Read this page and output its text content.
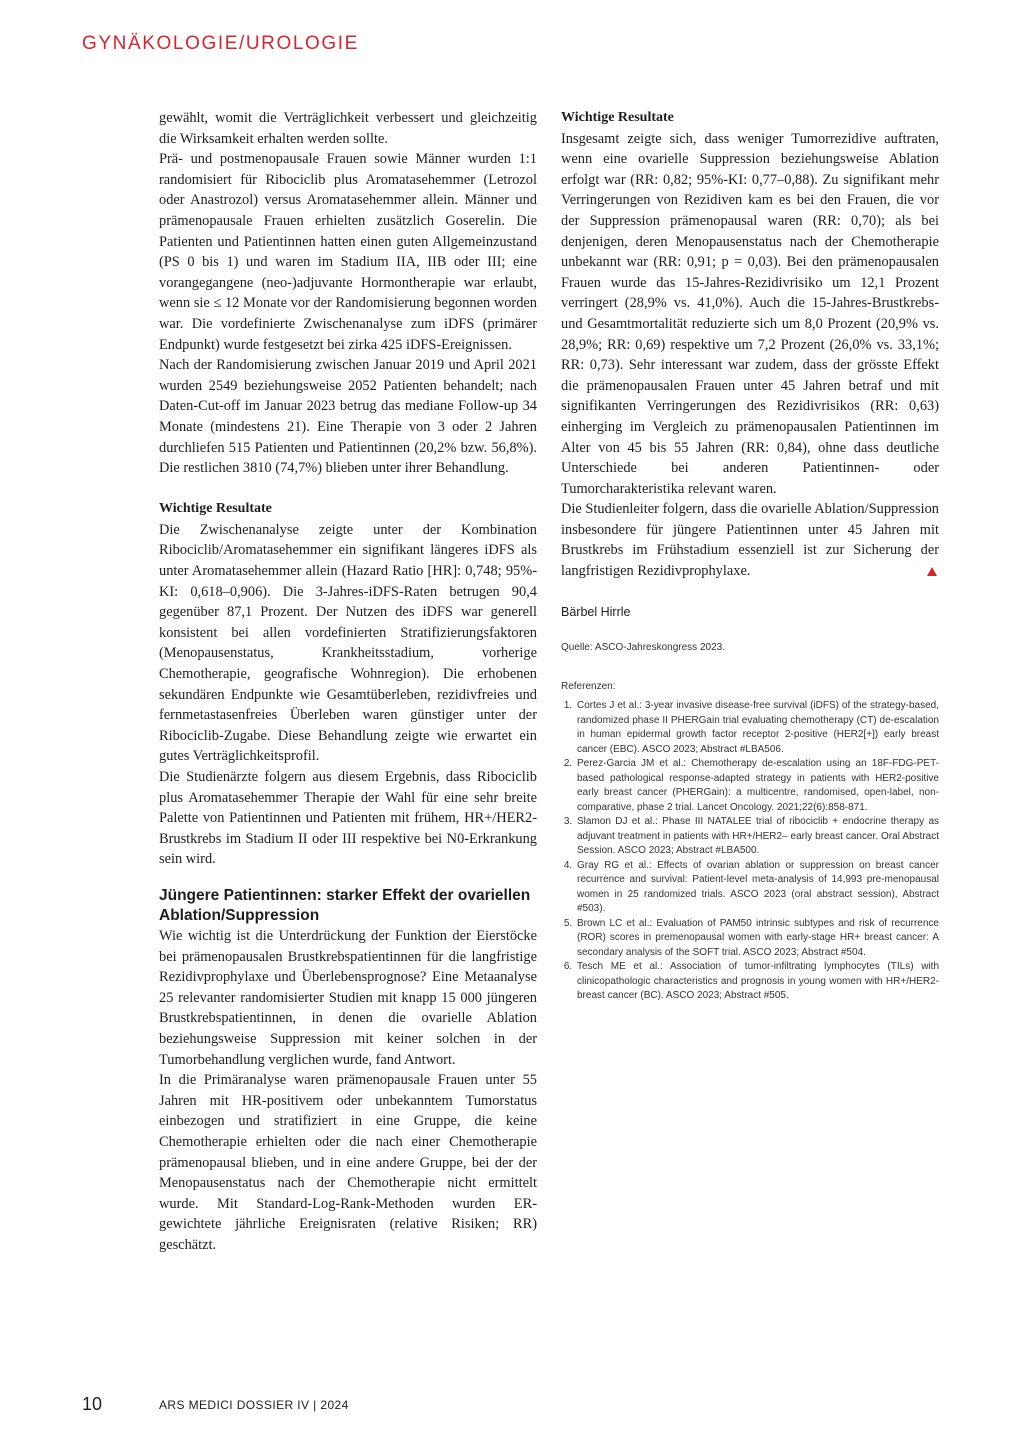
GYNÄKOLOGIE/UROLOGIE

gewählt, womit die Verträglichkeit verbessert und gleichzeitig die Wirksamkeit erhalten werden sollte.

Prä- und postmenopausale Frauen sowie Männer wurden 1:1 randomisiert für Ribociclib plus Aromatasehemmer (Letrozol oder Anastrozol) versus Aromatasehemmer allein. Männer und prämenopausale Frauen erhielten zusätzlich Goserelin. Die Patienten und Patientinnen hatten einen guten Allgemeinzustand (PS 0 bis 1) und waren im Stadium IIA, IIB oder III; eine vorangegangene (neo-)adjuvante Hormontherapie war erlaubt, wenn sie ≤ 12 Monate vor der Randomisierung begonnen worden war. Die vordefinierte Zwischenanalyse zum iDFS (primärer Endpunkt) wurde festgesetzt bei zirka 425 iDFS-Ereignissen.

Nach der Randomisierung zwischen Januar 2019 und April 2021 wurden 2549 beziehungsweise 2052 Patienten behandelt; nach Daten-Cut-off im Januar 2023 betrug das mediane Follow-up 34 Monate (mindestens 21). Eine Therapie von 3 oder 2 Jahren durchliefen 515 Patienten und Patientinnen (20,2% bzw. 56,8%). Die restlichen 3810 (74,7%) blieben unter ihrer Behandlung.

Wichtige Resultate

Die Zwischenanalyse zeigte unter der Kombination Ribociclib/Aromatasehemmer ein signifikant längeres iDFS als unter Aromatasehemmer allein (Hazard Ratio [HR]: 0,748; 95%-KI: 0,618–0,906). Die 3-Jahres-iDFS-Raten betrugen 90,4 gegenüber 87,1 Prozent. Der Nutzen des iDFS war generell konsistent bei allen vordefinierten Stratifizierungsfaktoren (Menopausenstatus, Krankheitsstadium, vorherige Chemotherapie, geografische Wohnregion). Die erhobenen sekundären Endpunkte wie Gesamtüberleben, rezidivfreies und fernmetastasenfreies Überleben waren günstiger unter der Ribociclib-Zugabe. Diese Behandlung zeigte wie erwartet ein gutes Verträglichkeitsprofil.

Die Studienärzte folgern aus diesem Ergebnis, dass Ribociclib plus Aromatasehemmer Therapie der Wahl für eine sehr breite Palette von Patientinnen und Patienten mit frühem, HR+/HER2-Brustkrebs im Stadium II oder III respektive bei N0-Erkrankung sein wird.

Jüngere Patientinnen: starker Effekt der ovariellen Ablation/Suppression

Wie wichtig ist die Unterdrückung der Funktion der Eierstöcke bei prämenopausalen Brustkrebspatientinnen für die langfristige Rezidivprophylaxe und Überlebensprognose? Eine Metaanalyse 25 relevanter randomisierter Studien mit knapp 15 000 jüngeren Brustkrebspatientinnen, in denen die ovarielle Ablation beziehungsweise Suppression mit keiner solchen in der Tumorbehandlung verglichen wurde, fand Antwort.

In die Primäranalyse waren prämenopausale Frauen unter 55 Jahren mit HR-positivem oder unbekanntem Tumorstatus einbezogen und stratifiziert in eine Gruppe, die keine Chemotherapie erhielten oder die nach einer Chemotherapie prämenopausal blieben, und in eine andere Gruppe, bei der der Menopausenstatus nach der Chemotherapie nicht ermittelt wurde. Mit Standard-Log-Rank-Methoden wurden ER-gewichtete jährliche Ereignisraten (relative Risiken; RR) geschätzt.

Wichtige Resultate

Insgesamt zeigte sich, dass weniger Tumorrezidive auftraten, wenn eine ovarielle Suppression beziehungsweise Ablation erfolgt war (RR: 0,82; 95%-KI: 0,77–0,88). Zu signifikant mehr Verringerungen von Rezidiven kam es bei den Frauen, die vor der Suppression prämenopausal waren (RR: 0,70); als bei denjenigen, deren Menopausenstatus nach der Chemotherapie unbekannt war (RR: 0,91; p = 0,03). Bei den prämenopausalen Frauen wurde das 15-Jahres-Rezidivrisiko um 12,1 Prozent verringert (28,9% vs. 41,0%). Auch die 15-Jahres-Brustkrebs- und Gesamtmortalität reduzierte sich um 8,0 Prozent (20,9% vs. 28,9%; RR: 0,69) respektive um 7,2 Prozent (26,0% vs. 33,1%; RR: 0,73). Sehr interessant war zudem, dass der grösste Effekt die prämenopausalen Frauen unter 45 Jahren betraf und mit signifikanten Verringerungen des Rezidivrisikos (RR: 0,63) einherging im Vergleich zu prämenopausalen Patientinnen im Alter von 45 bis 55 Jahren (RR: 0,84), ohne dass deutliche Unterschiede bei anderen Patientinnen- oder Tumorcharakteristika relevant waren.

Die Studienleiter folgern, dass die ovarielle Ablation/Suppression insbesondere für jüngere Patientinnen unter 45 Jahren mit Brustkrebs im Frühstadium essenziell ist zur Sicherung der langfristigen Rezidivprophylaxe.

Bärbel Hirrle
Quelle: ASCO-Jahreskongress 2023.
Referenzen:
1. Cortes J et al.: 3-year invasive disease-free survival (iDFS) of the strategy-based, randomized phase II PHERGain trial evaluating chemotherapy (CT) de-escalation in human epidermal growth factor receptor 2-positive (HER2[+]) early breast cancer (EBC). ASCO 2023; Abstract #LBA506.
2. Perez-Garcia JM et al.: Chemotherapy de-escalation using an 18F-FDG-PET-based pathological response-adapted strategy in patients with HER2-positive early breast cancer (PHERGain): a multicentre, randomised, open-label, non-comparative, phase 2 trial. Lancet Oncology. 2021;22(6):858-871.
3. Slamon DJ et al.: Phase III NATALEE trial of ribociclib + endocrine therapy as adjuvant treatment in patients with HR+/HER2– early breast cancer. Oral Abstract Session. ASCO 2023; Abstract #LBA500.
4. Gray RG et al.: Effects of ovarian ablation or suppression on breast cancer recurrence and survival: Patient-level meta-analysis of 14,993 pre-menopausal women in 25 randomized trials. ASCO 2023 (oral abstract session), Abstract #503).
5. Brown LC et al.: Evaluation of PAM50 intrinsic subtypes and risk of recurrence (ROR) scores in premenopausal women with early-stage HR+ breast cancer: A secondary analysis of the SOFT trial. ASCO 2023; Abstract #504.
6. Tesch ME et al.: Association of tumor-infiltrating lymphocytes (TILs) with clinicopathologic characteristics and prognosis in young women with HR+/HER2- breast cancer (BC). ASCO 2023; Abstract #505.
10	ARS MEDICI DOSSIER IV | 2024
